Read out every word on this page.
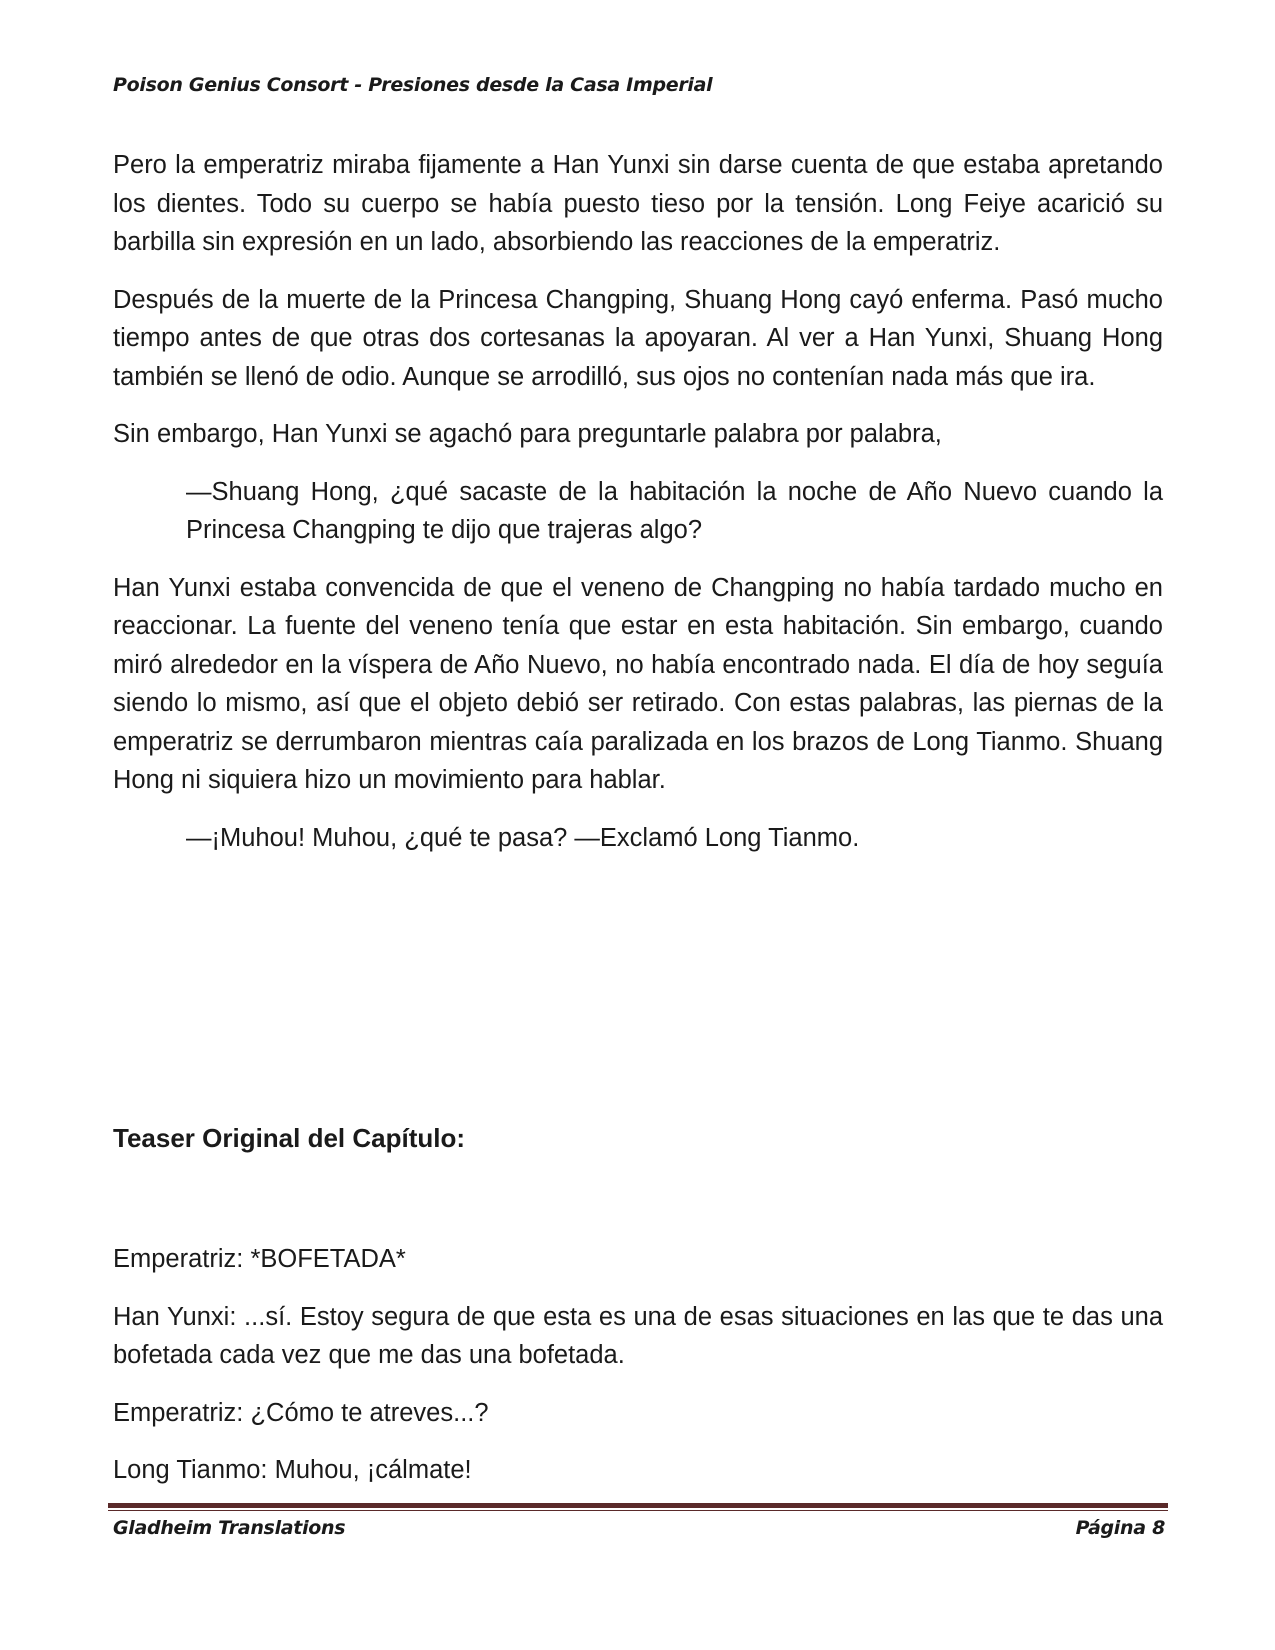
Poison Genius Consort - Presiones desde la Casa Imperial

Pero la emperatriz miraba fijamente a Han Yunxi sin darse cuenta de que estaba apretando los dientes. Todo su cuerpo se había puesto tieso por la tensión. Long Feiye acarició su barbilla sin expresión en un lado, absorbiendo las reacciones de la emperatriz.

Después de la muerte de la Princesa Changping, Shuang Hong cayó enferma. Pasó mucho tiempo antes de que otras dos cortesanas la apoyaran. Al ver a Han Yunxi, Shuang Hong también se llenó de odio. Aunque se arrodilló, sus ojos no contenían nada más que ira.

Sin embargo, Han Yunxi se agachó para preguntarle palabra por palabra,

—Shuang Hong, ¿qué sacaste de la habitación la noche de Año Nuevo cuando la Princesa Changping te dijo que trajeras algo?

Han Yunxi estaba convencida de que el veneno de Changping no había tardado mucho en reaccionar. La fuente del veneno tenía que estar en esta habitación. Sin embargo, cuando miró alrededor en la víspera de Año Nuevo, no había encontrado nada. El día de hoy seguía siendo lo mismo, así que el objeto debió ser retirado. Con estas palabras, las piernas de la emperatriz se derrumbaron mientras caía paralizada en los brazos de Long Tianmo. Shuang Hong ni siquiera hizo un movimiento para hablar.

—¡Muhou! Muhou, ¿qué te pasa? —Exclamó Long Tianmo.

Teaser Original del Capítulo:

Emperatriz: *BOFETADA*

Han Yunxi: ...sí. Estoy segura de que esta es una de esas situaciones en las que te das una bofetada cada vez que me das una bofetada.

Emperatriz: ¿Cómo te atreves...?

Long Tianmo: Muhou, ¡cálmate!

Gladheim Translations	Página 8
